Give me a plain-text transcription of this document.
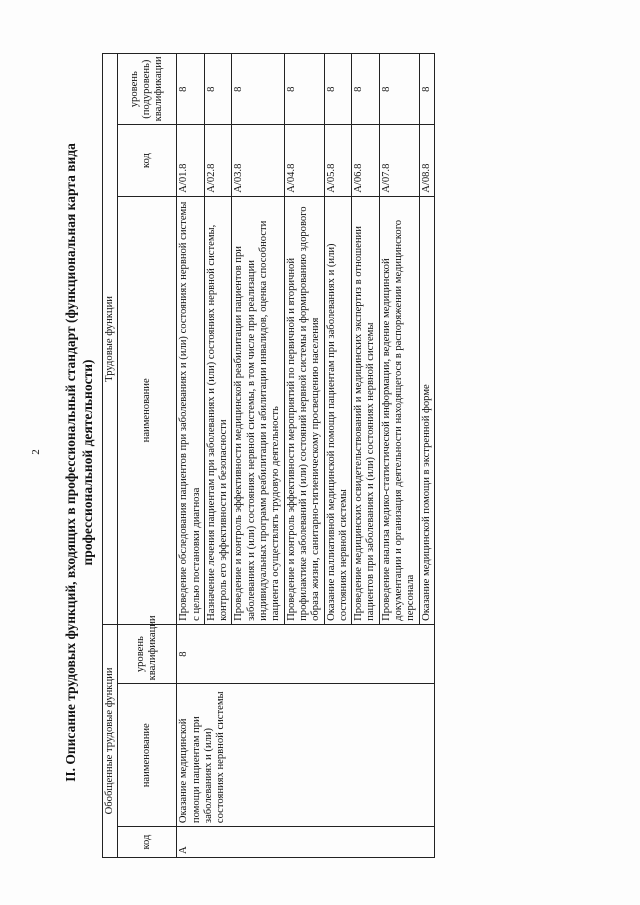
2 II. Описание трудовых функций, входящих в профессиональный стандарт (функциональная карта вида профессиональной деятельности)
Обобщенные трудовые функции			Трудовые функции		
код	наименование	уровень квалификации	наименование	код	уровень (подуровень) квалификации
A	Оказание медицинской помощи пациентам при заболеваниях и (или) состояниях нервной системы	8	Проведение обследования пациентов при заболеваниях и (или) состояниях нервной системы с целью постановки диагноза	A/01.8	8
			Назначение лечения пациентам при заболеваниях и (или) состояниях нервной системы, контроль его эффективности и безопасности	A/02.8	8
			Проведение и контроль эффективности медицинской реабилитации пациентов при заболеваниях и (или) состояниях нервной системы, в том числе при реализации индивидуальных программ реабилитации и абилитации инвалидов, оценка способности пациента осуществлять трудовую деятельность	A/03.8	8
			Проведение и контроль эффективности мероприятий по первичной и вторичной профилактике заболеваний и (или) состояний нервной системы и формированию здорового образа жизни, санитарно-гигиеническому просвещению населения	A/04.8	8
			Оказание паллиативной медицинской помощи пациентам при заболеваниях и (или) состояниях нервной системы	A/05.8	8
			Проведение медицинских освидетельствований и медицинских экспертиз в отношении пациентов при заболеваниях и (или) состояниях нервной системы	A/06.8	8
			Проведение анализа медико-статистической информации, ведение медицинской документации и организация деятельности находящегося в распоряжении медицинского персонала	A/07.8	8
			Оказание медицинской помощи в экстренной форме	A/08.8	8
